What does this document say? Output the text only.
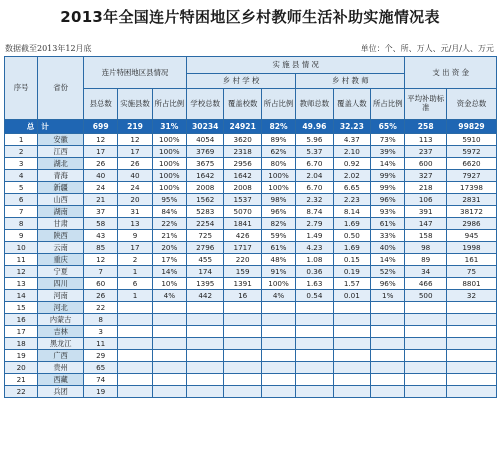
2013年全国连片特困地区乡村教师生活补助实施情况表
数据截至2013年12月底	单位：个、所、万人、元/月/人、万元
序号	省份	连片特困地区县情况			实 施 县 情 况						支 出 资 金	
					乡 村 学 校			乡 村 教 师				
		县总数	实施县数	所占比例	学校总数	覆盖校数	所占比例	教师总数	覆盖人数	所占比例	平均补助标准	资金总数
总	计	699	219	31%	30234	24921	82%	49.96	32.23	65%	258	99829
1	安徽	12	12	100%	4054	3620	89%	5.96	4.37	73%	113	5910
2	江西	17	17	100%	3769	2318	62%	5.37	2.10	39%	237	5972
3	湖北	26	26	100%	3675	2956	80%	6.70	0.92	14%	600	6620
4	青海	40	40	100%	1642	1642	100%	2.04	2.02	99%	327	7927
5	新疆	24	24	100%	2008	2008	100%	6.70	6.65	99%	218	17398
6	山西	21	20	95%	1562	1537	98%	2.32	2.23	96%	106	2831
7	湖南	37	31	84%	5283	5070	96%	8.74	8.14	93%	391	38172
8	甘肃	58	13	22%	2254	1841	82%	2.79	1.69	61%	147	2986
9	陕西	43	9	21%	725	426	59%	1.49	0.50	33%	158	945
10	云南	85	17	20%	2796	1717	61%	4.23	1.69	40%	98	1998
11	重庆	12	2	17%	455	220	48%	1.08	0.15	14%	89	161
12	宁夏	7	1	14%	174	159	91%	0.36	0.19	52%	34	75
13	四川	60	6	10%	1395	1391	100%	1.63	1.57	96%	466	8801
14	河南	26	1	4%	442	16	4%	0.54	0.01	1%	500	32
15	河北	22										
16	内蒙古	8										
17	吉林	3										
18	黑龙江	11										
19	广西	29										
20	贵州	65										
21	西藏	74										
22	兵团	19										
